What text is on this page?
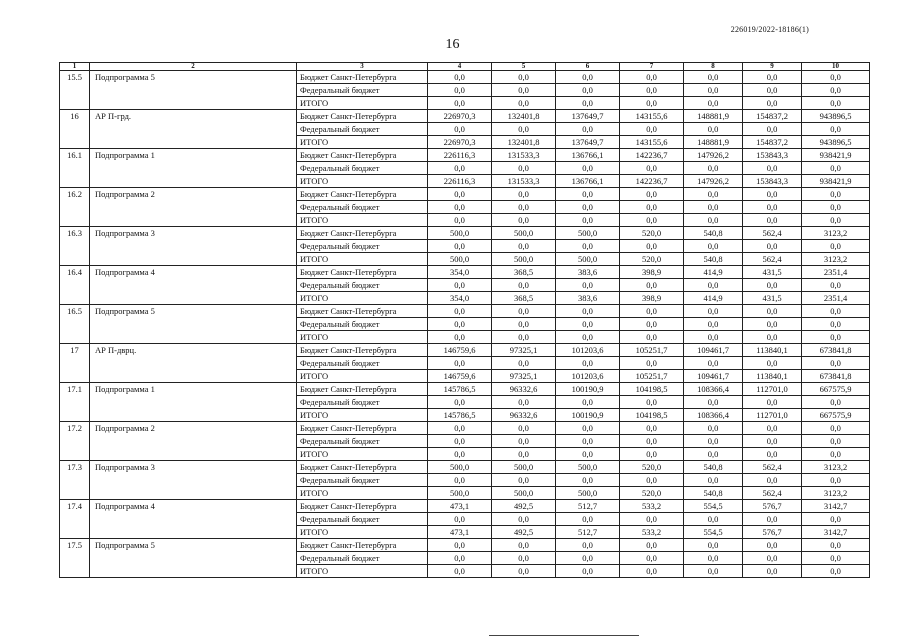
226019/2022-18186(1)
16
1	2	3	4	5	6	7	8	9	10
15.5	Подпрограмма 5	Бюджет Санкт-Петербурга	0,0	0,0	0,0	0,0	0,0	0,0	0,0
		Федеральный бюджет	0,0	0,0	0,0	0,0	0,0	0,0	0,0
		ИТОГО	0,0	0,0	0,0	0,0	0,0	0,0	0,0
16	АР П-грд.	Бюджет Санкт-Петербурга	226970,3	132401,8	137649,7	143155,6	148881,9	154837,2	943896,5
		Федеральный бюджет	0,0	0,0	0,0	0,0	0,0	0,0	0,0
		ИТОГО	226970,3	132401,8	137649,7	143155,6	148881,9	154837,2	943896,5
16.1	Подпрограмма 1	Бюджет Санкт-Петербурга	226116,3	131533,3	136766,1	142236,7	147926,2	153843,3	938421,9
		Федеральный бюджет	0,0	0,0	0,0	0,0	0,0	0,0	0,0
		ИТОГО	226116,3	131533,3	136766,1	142236,7	147926,2	153843,3	938421,9
16.2	Подпрограмма 2	Бюджет Санкт-Петербурга	0,0	0,0	0,0	0,0	0,0	0,0	0,0
		Федеральный бюджет	0,0	0,0	0,0	0,0	0,0	0,0	0,0
		ИТОГО	0,0	0,0	0,0	0,0	0,0	0,0	0,0
16.3	Подпрограмма 3	Бюджет Санкт-Петербурга	500,0	500,0	500,0	520,0	540,8	562,4	3123,2
		Федеральный бюджет	0,0	0,0	0,0	0,0	0,0	0,0	0,0
		ИТОГО	500,0	500,0	500,0	520,0	540,8	562,4	3123,2
16.4	Подпрограмма 4	Бюджет Санкт-Петербурга	354,0	368,5	383,6	398,9	414,9	431,5	2351,4
		Федеральный бюджет	0,0	0,0	0,0	0,0	0,0	0,0	0,0
		ИТОГО	354,0	368,5	383,6	398,9	414,9	431,5	2351,4
16.5	Подпрограмма 5	Бюджет Санкт-Петербурга	0,0	0,0	0,0	0,0	0,0	0,0	0,0
		Федеральный бюджет	0,0	0,0	0,0	0,0	0,0	0,0	0,0
		ИТОГО	0,0	0,0	0,0	0,0	0,0	0,0	0,0
17	АР П-дврц.	Бюджет Санкт-Петербурга	146759,6	97325,1	101203,6	105251,7	109461,7	113840,1	673841,8
		Федеральный бюджет	0,0	0,0	0,0	0,0	0,0	0,0	0,0
		ИТОГО	146759,6	97325,1	101203,6	105251,7	109461,7	113840,1	673841,8
17.1	Подпрограмма 1	Бюджет Санкт-Петербурга	145786,5	96332,6	100190,9	104198,5	108366,4	112701,0	667575,9
		Федеральный бюджет	0,0	0,0	0,0	0,0	0,0	0,0	0,0
		ИТОГО	145786,5	96332,6	100190,9	104198,5	108366,4	112701,0	667575,9
17.2	Подпрограмма 2	Бюджет Санкт-Петербурга	0,0	0,0	0,0	0,0	0,0	0,0	0,0
		Федеральный бюджет	0,0	0,0	0,0	0,0	0,0	0,0	0,0
		ИТОГО	0,0	0,0	0,0	0,0	0,0	0,0	0,0
17.3	Подпрограмма 3	Бюджет Санкт-Петербурга	500,0	500,0	500,0	520,0	540,8	562,4	3123,2
		Федеральный бюджет	0,0	0,0	0,0	0,0	0,0	0,0	0,0
		ИТОГО	500,0	500,0	500,0	520,0	540,8	562,4	3123,2
17.4	Подпрограмма 4	Бюджет Санкт-Петербурга	473,1	492,5	512,7	533,2	554,5	576,7	3142,7
		Федеральный бюджет	0,0	0,0	0,0	0,0	0,0	0,0	0,0
		ИТОГО	473,1	492,5	512,7	533,2	554,5	576,7	3142,7
17.5	Подпрограмма 5	Бюджет Санкт-Петербурга	0,0	0,0	0,0	0,0	0,0	0,0	0,0
		Федеральный бюджет	0,0	0,0	0,0	0,0	0,0	0,0	0,0
		ИТОГО	0,0	0,0	0,0	0,0	0,0	0,0	0,0
